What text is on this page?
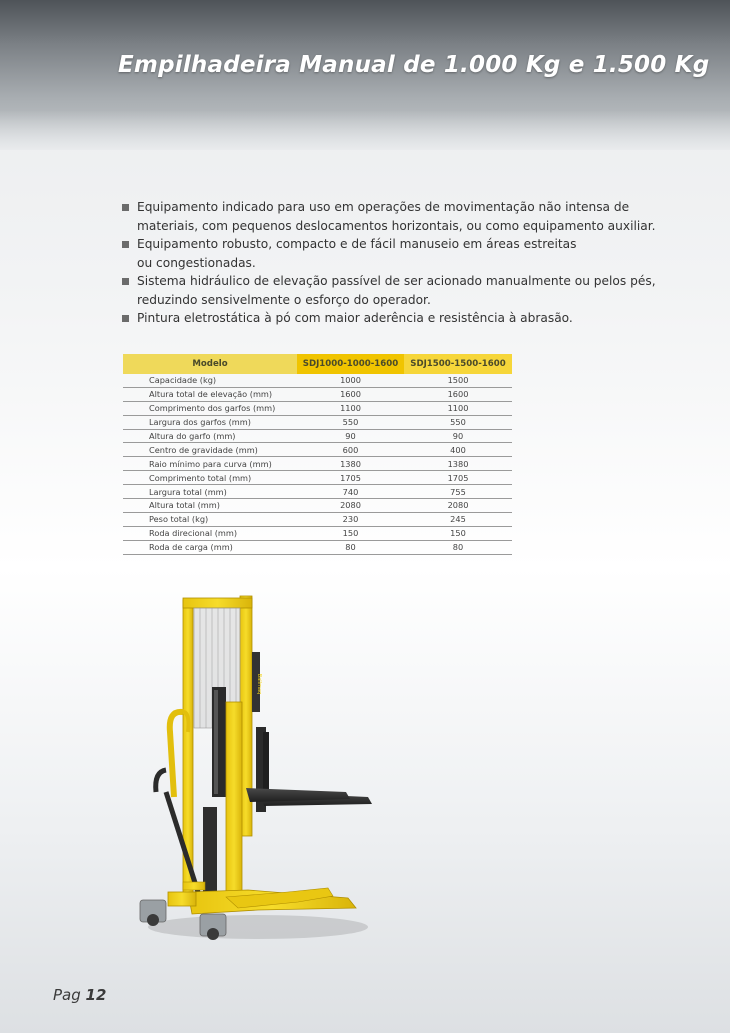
Empilhadeira Manual de 1.000 Kg e 1.500 Kg
Equipamento indicado para uso em operações de movimentação não intensa de
materiais, com pequenos deslocamentos horizontais, ou como equipamento auxiliar.
Equipamento robusto, compacto e de fácil manuseio em áreas estreitas
ou congestionadas.
Sistema hidráulico de elevação passível de ser acionado manualmente ou pelos pés,
reduzindo sensivelmente o esforço do operador.
Pintura eletrostática à pó com maior aderência e resistência à abrasão.
Modelo	SDJ1000-1000-1600	SDJ1500-1500-1600
Capacidade (kg)	1000	1500
Altura total de elevação (mm)	1600	1600
Comprimento dos garfos (mm)	1100	1100
Largura dos garfos (mm)	550	550
Altura do garfo (mm)	90	90
Centro de gravidade (mm)	600	400
Raio mínimo para curva (mm)	1380	1380
Comprimento total (mm)	1705	1705
Largura total (mm)	740	755
Altura total (mm)	2080	2080
Peso total (kg)	230	245
Roda direcional (mm)	150	150
Roda de carga (mm)	80	80
Ballmaq
Pag 12
